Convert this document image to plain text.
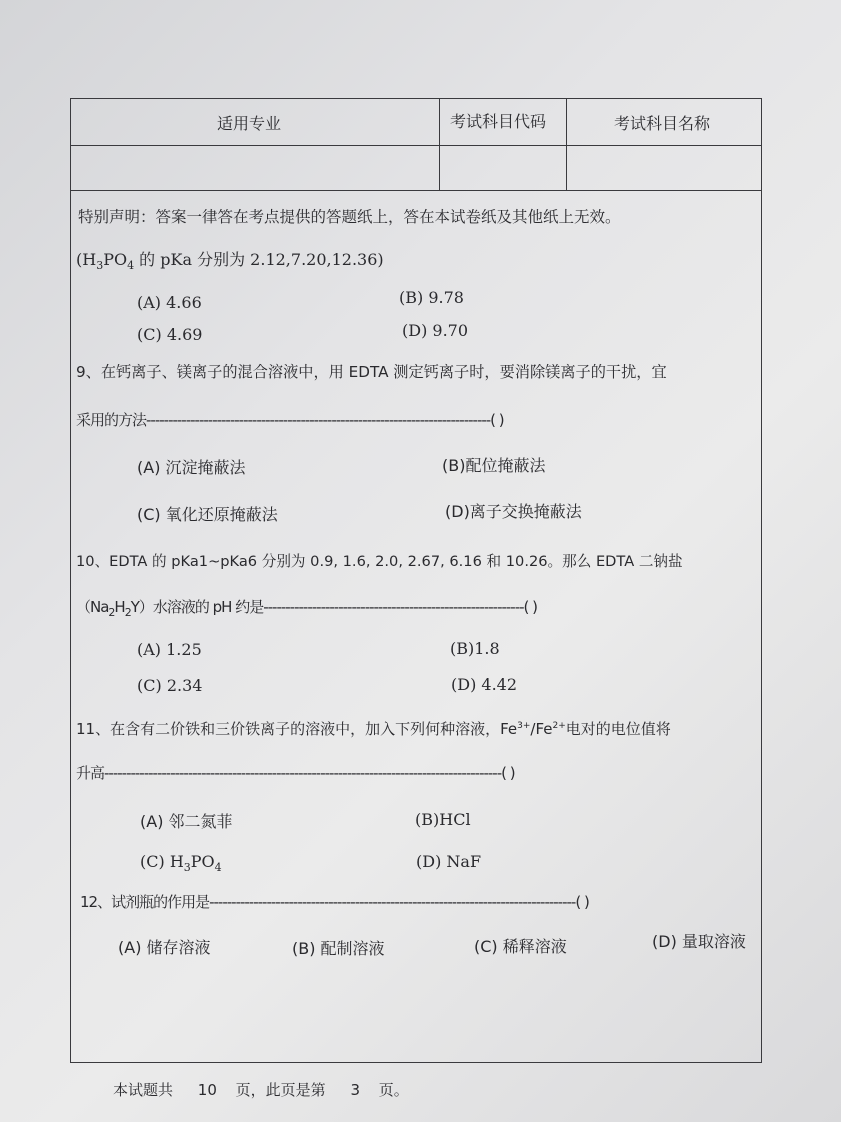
适用专业	考试科目代码	考试科目名称
特别声明：答案一律答在考点提供的答题纸上，答在本试卷纸及其他纸上无效。
($H_3PO_4$ 的 pKa 分别为 2.12,7.20,12.36)
(A) 4.66	(B) 9.78
(C) 4.69	(D) 9.70
9、在钙离子、镁离子的混合溶液中，用 EDTA 测定钙离子时，要消除镁离子的干扰，宜
采用的方法------------------------------------------------------------------------------( )
(A) 沉淀掩蔽法	(B)配位掩蔽法
(C) 氧化还原掩蔽法	(D)离子交换掩蔽法
10、EDTA 的 pKa1~pKa6 分别为 0.9, 1.6, 2.0, 2.67, 6.16 和 10.26。那么 EDTA 二钠盐
$(Na_2H_2Y)$水溶液的 pH 约是-----------------------------------------------------------( )
(A) 1.25	(B)1.8
(C) 2.34	(D) 4.42
11、在含有二价铁和三价铁离子的溶液中，加入下列何种溶液，$Fe^{3+}/Fe^{2+}$电对的电位值将
升高------------------------------------------------------------------------------------------( )
(A) 邻二氮菲	(B)HCl
(C) $H_3PO_4$	(D) NaF
12、试剂瓶的作用是-----------------------------------------------------------------------------------( )
(A) 储存溶液	(B) 配制溶液	(C) 稀释溶液	(D) 量取溶液
本试题共 10 页，此页是第 3 页。
